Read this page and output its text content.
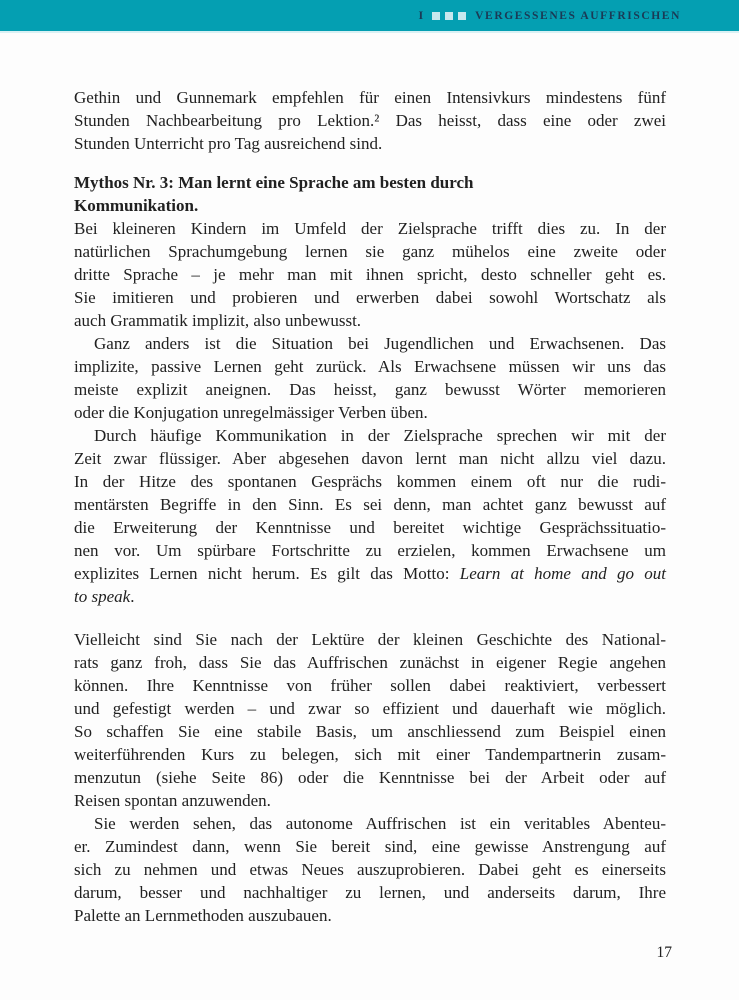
I	VERGESSENES AUFFRISCHEN
Gethin und Gunnemark empfehlen für einen Intensivkurs mindestens fünf
Stunden Nachbearbeitung pro Lektion.² Das heisst, dass eine oder zwei
Stunden Unterricht pro Tag ausreichend sind.
Mythos Nr. 3: Man lernt eine Sprache am besten durch
Kommunikation.
Bei kleineren Kindern im Umfeld der Zielsprache trifft dies zu. In der
natürlichen Sprachumgebung lernen sie ganz mühelos eine zweite oder
dritte Sprache – je mehr man mit ihnen spricht, desto schneller geht es.
Sie imitieren und probieren und erwerben dabei sowohl Wortschatz als
auch Grammatik implizit, also unbewusst.
Ganz anders ist die Situation bei Jugendlichen und Erwachsenen. Das
implizite, passive Lernen geht zurück. Als Erwachsene müssen wir uns das
meiste explizit aneignen. Das heisst, ganz bewusst Wörter memorieren
oder die Konjugation unregelmässiger Verben üben.
Durch häufige Kommunikation in der Zielsprache sprechen wir mit der
Zeit zwar flüssiger. Aber abgesehen davon lernt man nicht allzu viel dazu.
In der Hitze des spontanen Gesprächs kommen einem oft nur die rudi-
mentärsten Begriffe in den Sinn. Es sei denn, man achtet ganz bewusst auf
die Erweiterung der Kenntnisse und bereitet wichtige Gesprächssituatio-
nen vor. Um spürbare Fortschritte zu erzielen, kommen Erwachsene um
explizites Lernen nicht herum. Es gilt das Motto: Learn at home and go out
to speak.
Vielleicht sind Sie nach der Lektüre der kleinen Geschichte des National-
rats ganz froh, dass Sie das Auffrischen zunächst in eigener Regie angehen
können. Ihre Kenntnisse von früher sollen dabei reaktiviert, verbessert
und gefestigt werden – und zwar so effizient und dauerhaft wie möglich.
So schaffen Sie eine stabile Basis, um anschliessend zum Beispiel einen
weiterführenden Kurs zu belegen, sich mit einer Tandempartnerin zusam-
menzutun (siehe Seite 86) oder die Kenntnisse bei der Arbeit oder auf
Reisen spontan anzuwenden.
Sie werden sehen, das autonome Auffrischen ist ein veritables Abenteu-
er. Zumindest dann, wenn Sie bereit sind, eine gewisse Anstrengung auf
sich zu nehmen und etwas Neues auszuprobieren. Dabei geht es einerseits
darum, besser und nachhaltiger zu lernen, und anderseits darum, Ihre
Palette an Lernmethoden auszubauen.
17
